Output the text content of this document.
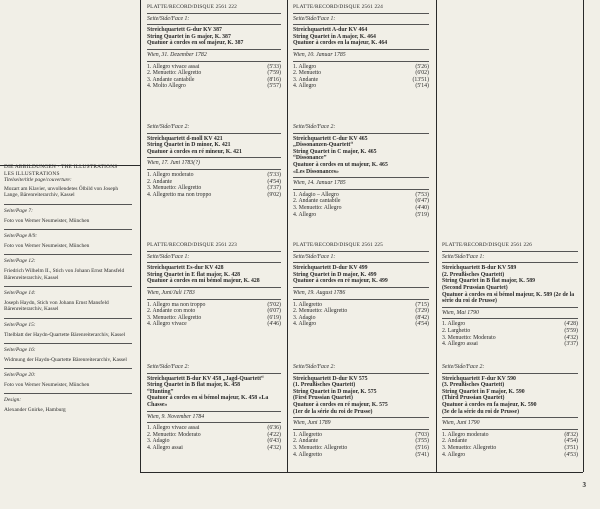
DIE ABBILDUNGEN · THE ILLUSTRATIONS
LES ILLUSTRATIONS
Titelseite/title page/couverture:
Mozart am Klavier, unvollendetes Ölbild von Joseph Lange, Bärenreiterarchiv, Kassel
Seite/Page 7:
Foto von Werner Neumeister, München
Seite/Page 8/9:
Foto von Werner Neumeister, München
Seite/Page 12:
Friedrich Wilhelm II., Stich von Johann Ernst Mansfeld Bärenreiterarchiv, Kassel
Seite/Page 14:
Joseph Haydn, Stich von Johann Ernst Mansfeld Bärenreiterarchiv, Kassel
Seite/Page 15:
Titelblatt der Haydn-Quartette Bärenreiterarchiv, Kassel
Seite/Page 16:
Widmung der Haydn-Quartette Bärenreiterarchiv, Kassel
Seite/Page 20:
Foto von Werner Neumeister, München
Design:
Alexander Gnirke, Hamburg
PLATTE/RECORD/DISQUE 2561 222
Seite/Side/Face 1:
Streichquartett G-dur KV 387
String Quartet in G major, K. 387
Quatuor à cordes en sol majeur, K. 387
Wien, 31. Dezember 1782
1. Allegro vivace assai	(5'33)
2. Menuetto: Allegretto	(7'59)
3. Andante cantabile	(8'16)
4. Molto Allegro	(5'57)
Seite/Side/Face 2:
Streichquartett d-moll KV 421
String Quartet in D minor, K. 421
Quatuor à cordes en ré mineur, K. 421
Wien, 17. Juni 1783(?)
1. Allegro moderato	(5'33)
2. Andante	(4'54)
3. Menuetto: Allegretto	(3'37)
4. Allegretto ma non troppo	(9'02)
PLATTE/RECORD/DISQUE 2561 224
Seite/Side/Face 1:
Streichquartett A-dur KV 464
String Quartet in A major, K. 464
Quatuor à cordes en la majeur, K. 464
Wien, 10. Januar 1785
1. Allegro	(5'26)
2. Menuetto	(6'02)
3. Andante	(13'51)
4. Allegro	(5'14)
Seite/Side/Face 2:
Streichquartett C-dur KV 465
„Dissonanzen-Quartett“
String Quartet in C major, K. 465
“Dissonance”
Quatuor à cordes en ut majeur, K. 465
«Les Dissonances»
Wien, 14. Januar 1785
1. Adagio – Allegro	(7'53)
2. Andante cantabile	(6'47)
3. Menuetto: Allegro	(4'40)
4. Allegro	(5'19)
PLATTE/RECORD/DISQUE 2561 223
Seite/Side/Face 1:
Streichquartett Es-dur KV 428
String Quartet in E flat major, K. 428
Quatuor à cordes en mi bémol majeur, K. 428
Wien, Juni/Juli 1783
1. Allegro ma non troppo	(5'02)
2. Andante con moto	(6'07)
3. Menuetto: Allegretto	(6'19)
4. Allegro vivace	(4'46)
Seite/Side/Face 2:
Streichquartett B-dur KV 458 „Jagd-Quartett“
String Quartet in B flat major, K. 458
“Hunting”
Quatuor à cordes en si bémol majeur, K. 458 «La Chasse»
Wien, 9. November 1784
1. Allegro vivace assai	(6'36)
2. Menuetto: Moderato	(4'22)
3. Adagio	(6'43)
4. Allegro assai	(4'32)
PLATTE/RECORD/DISQUE 2561 225
Seite/Side/Face 1:
Streichquartett D-dur KV 499
String Quartet in D major, K. 499
Quatuor à cordes en ré majeur, K. 499
Wien, 19. August 1786
1. Allegretto	(7'15)
2. Menuetto: Allegretto	(3'29)
3. Adagio	(8'42)
4. Allegro	(4'54)
Seite/Side/Face 2:
Streichquartett D-dur KV 575
(1. Preußisches Quartett)
String Quartet in D major, K. 575
(First Prussian Quartet)
Quatuor à cordes en ré majeur, K. 575
(1er de la série du roi de Prusse)
Wien, Juni 1789
1. Allegretto	(7'03)
2. Andante	(3'55)
3. Menuetto: Allegretto	(5'16)
4. Allegretto	(5'41)
PLATTE/RECORD/DISQUE 2561 226
Seite/Side/Face 1:
Streichquartett B-dur KV 589
(2. Preußisches Quartett)
String Quartet in B flat major, K. 589
(Second Prussian Quartet)
Quatuor à cordes en si bémol majeur, K. 589 (2e de la série du roi de Prusse)
Wien, Mai 1790
1. Allegro	(4'28)
2. Larghetto	(5'59)
3. Menuetto: Moderato	(4'32)
4. Allegro assai	(3'37)
Seite/Side/Face 2:
Streichquartett F-dur KV 590
(3. Preußisches Quartett)
String Quartet in F major, K. 590
(Third Prussian Quartet)
Quatuor à cordes en fa majeur, K. 590
(3e de la série du roi de Prusse)
Wien, Juni 1790
1. Allegro moderato	(8'32)
2. Andante	(4'54)
3. Menuetto: Allegretto	(3'51)
4. Allegro	(4'53)
3
